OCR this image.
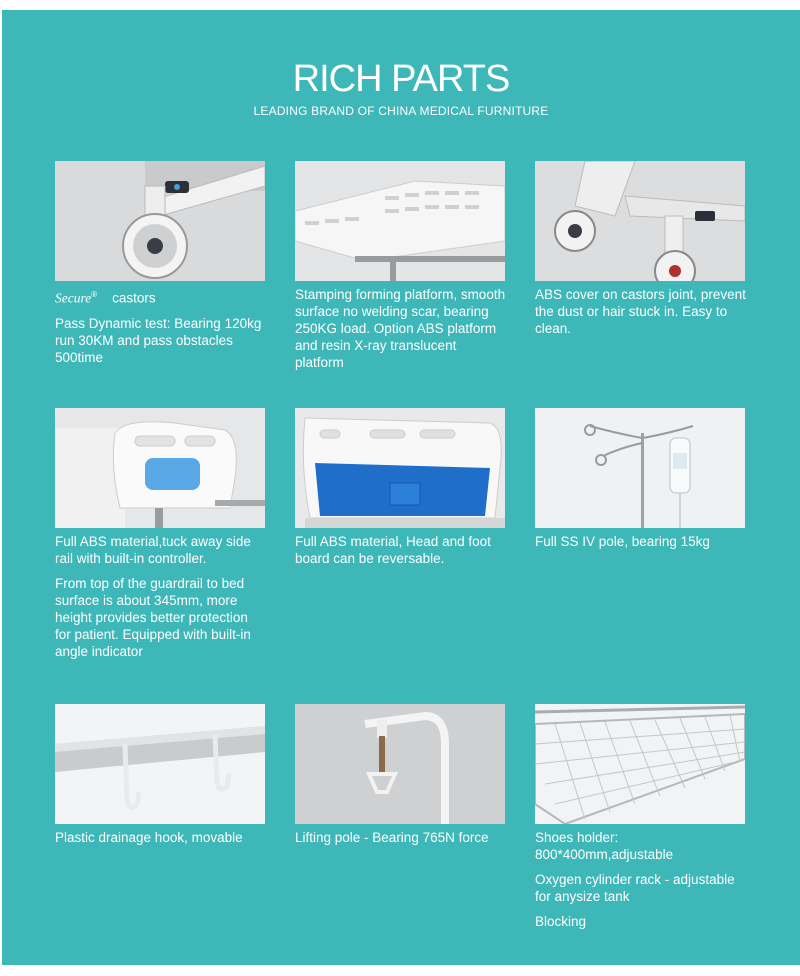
RICH PARTS
LEADING BRAND OF CHINA MEDICAL FURNITURE

Secure® castors

Pass Dynamic test: Bearing 120kg run 30KM and pass obstacles 500time

Stamping forming platform, smooth surface no welding scar, bearing 250KG load. Option ABS platform and resin X-ray translucent platform

ABS cover on castors joint, prevent the dust or hair stuck in. Easy to clean.

Full ABS material,tuck away side rail with built-in controller.

From top of the guardrail to bed surface is about 345mm, more height provides better protection for patient. Equipped with built-in angle indicator

Full ABS material, Head and foot board can be reversable.

Full SS IV pole, bearing 15kg

Plastic drainage hook, movable	Lifting pole - Bearing 765N force	Shoes holder: 800*400mm,adjustable

Oxygen cylinder rack - adjustable for anysize tank

Blocking
